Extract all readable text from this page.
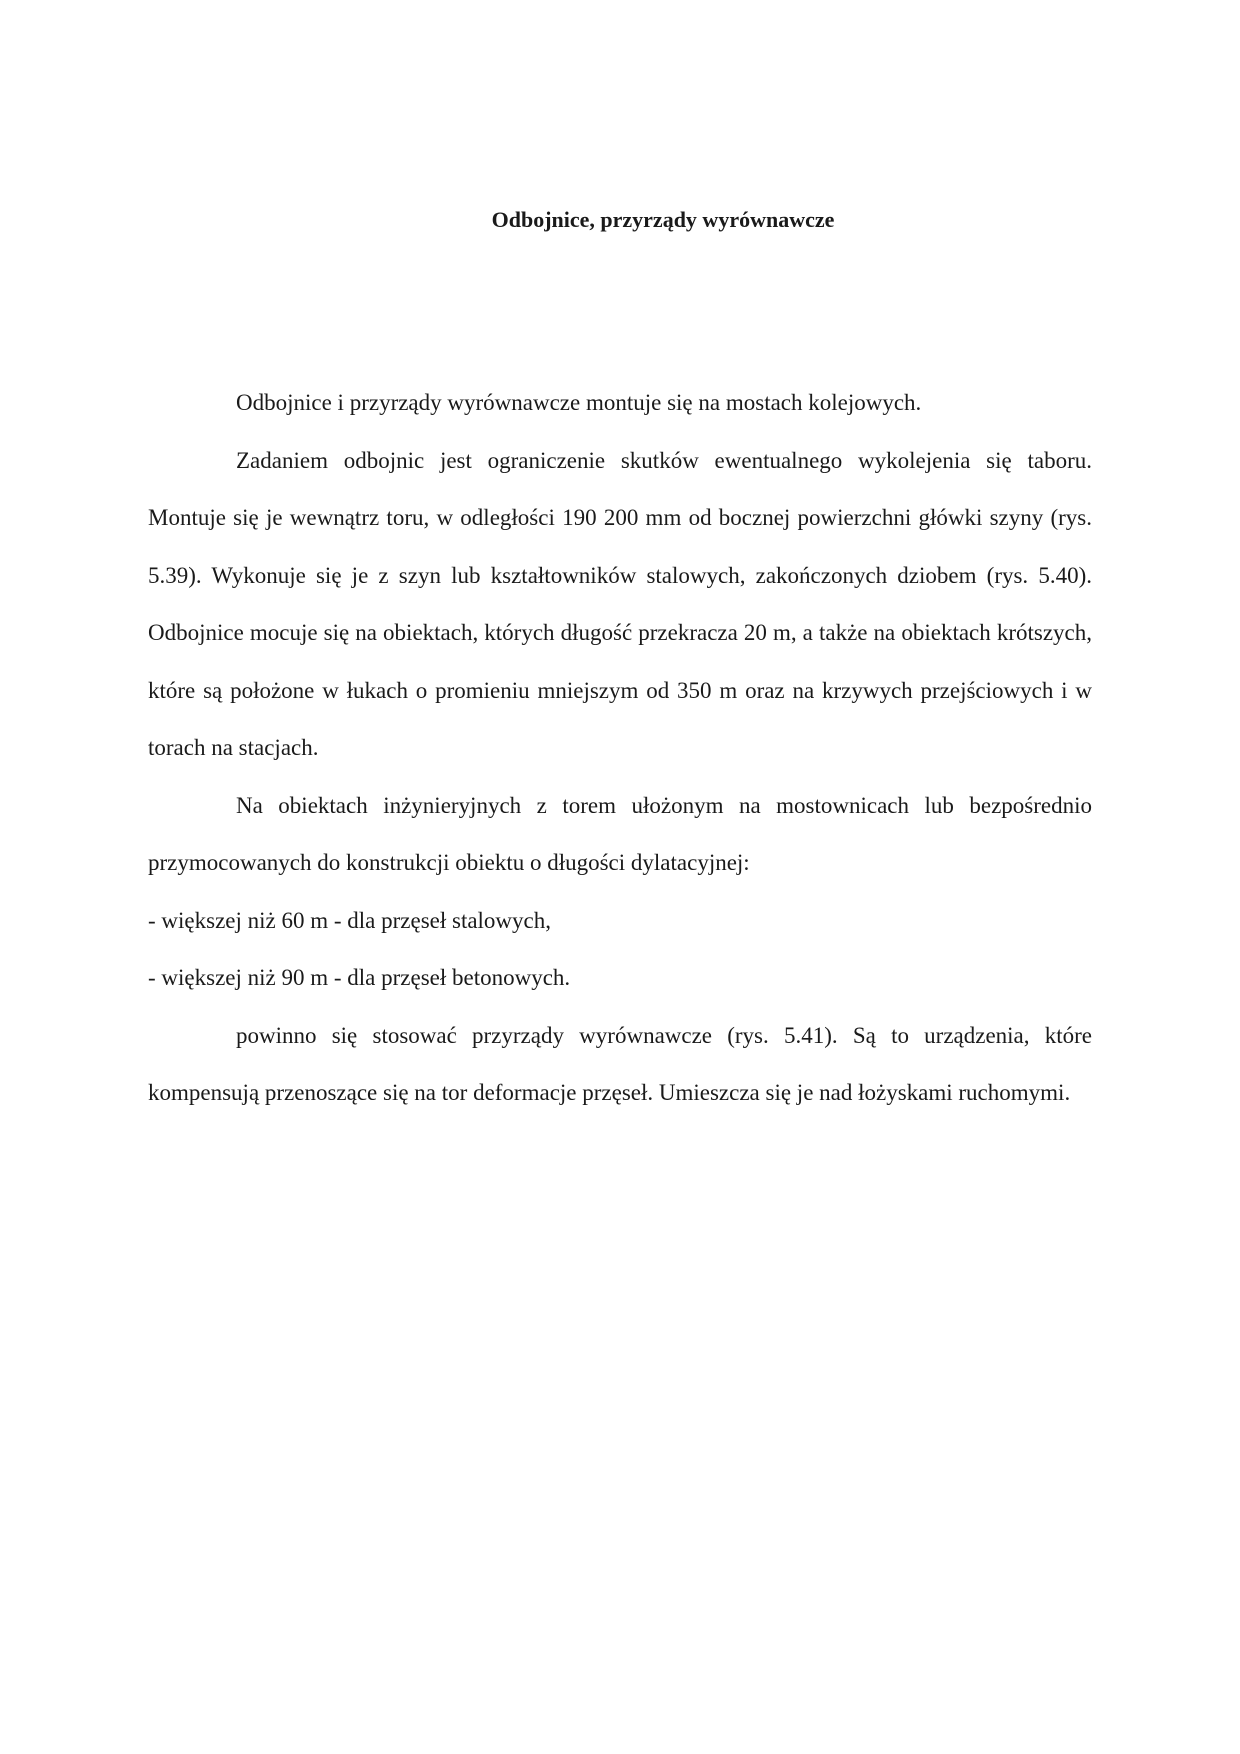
Odbojnice, przyrządy wyrównawcze

Odbojnice i przyrządy wyrównawcze montuje się na mostach kolejowych.

Zadaniem odbojnic jest ograniczenie skutków ewentualnego wykolejenia się taboru. Montuje się je wewnątrz toru, w odległości 190 200 mm od bocznej powierzchni główki szyny (rys. 5.39). Wykonuje się je z szyn lub kształtowników stalowych, zakończonych dziobem (rys. 5.40). Odbojnice mocuje się na obiektach, których długość przekracza 20 m, a także na obiektach krótszych, które są położone w łukach o promieniu mniejszym od 350 m oraz na krzywych przejściowych i w torach na stacjach.

Na obiektach inżynieryjnych z torem ułożonym na mostownicach lub bezpośrednio przymocowanych do konstrukcji obiektu o długości dylatacyjnej:

- większej niż 60 m - dla przęseł stalowych,

- większej niż 90 m - dla przęseł betonowych.

powinno się stosować przyrządy wyrównawcze (rys. 5.41). Są to urządzenia, które kompensują przenoszące się na tor deformacje przęseł. Umieszcza się je nad łożyskami ruchomymi.
